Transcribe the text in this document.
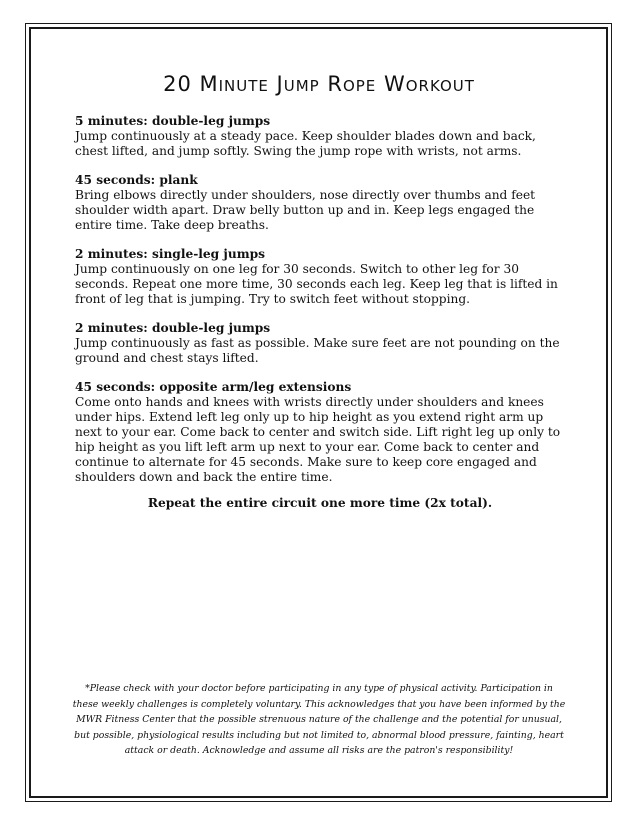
20 Minute Jump Rope Workout
5 minutes: double-leg jumps
Jump continuously at a steady pace. Keep shoulder blades down and back, chest lifted, and jump softly. Swing the jump rope with wrists, not arms.
45 seconds: plank
Bring elbows directly under shoulders, nose directly over thumbs and feet shoulder width apart. Draw belly button up and in. Keep legs engaged the entire time. Take deep breaths.
2 minutes: single-leg jumps
Jump continuously on one leg for 30 seconds. Switch to other leg for 30 seconds. Repeat one more time, 30 seconds each leg. Keep leg that is lifted in front of leg that is jumping. Try to switch feet without stopping.
2 minutes: double-leg jumps
Jump continuously as fast as possible. Make sure feet are not pounding on the ground and chest stays lifted.
45 seconds: opposite arm/leg extensions
Come onto hands and knees with wrists directly under shoulders and knees under hips. Extend left leg only up to hip height as you extend right arm up next to your ear. Come back to center and switch side. Lift right leg up only to hip height as you lift left arm up next to your ear. Come back to center and continue to alternate for 45 seconds. Make sure to keep core engaged and shoulders down and back the entire time.
Repeat the entire circuit one more time (2x total).
*Please check with your doctor before participating in any type of physical activity. Participation in these weekly challenges is completely voluntary. This acknowledges that you have been informed by the MWR Fitness Center that the possible strenuous nature of the challenge and the potential for unusual, but possible, physiological results including but not limited to, abnormal blood pressure, fainting, heart attack or death. Acknowledge and assume all risks are the patron's responsibility!
